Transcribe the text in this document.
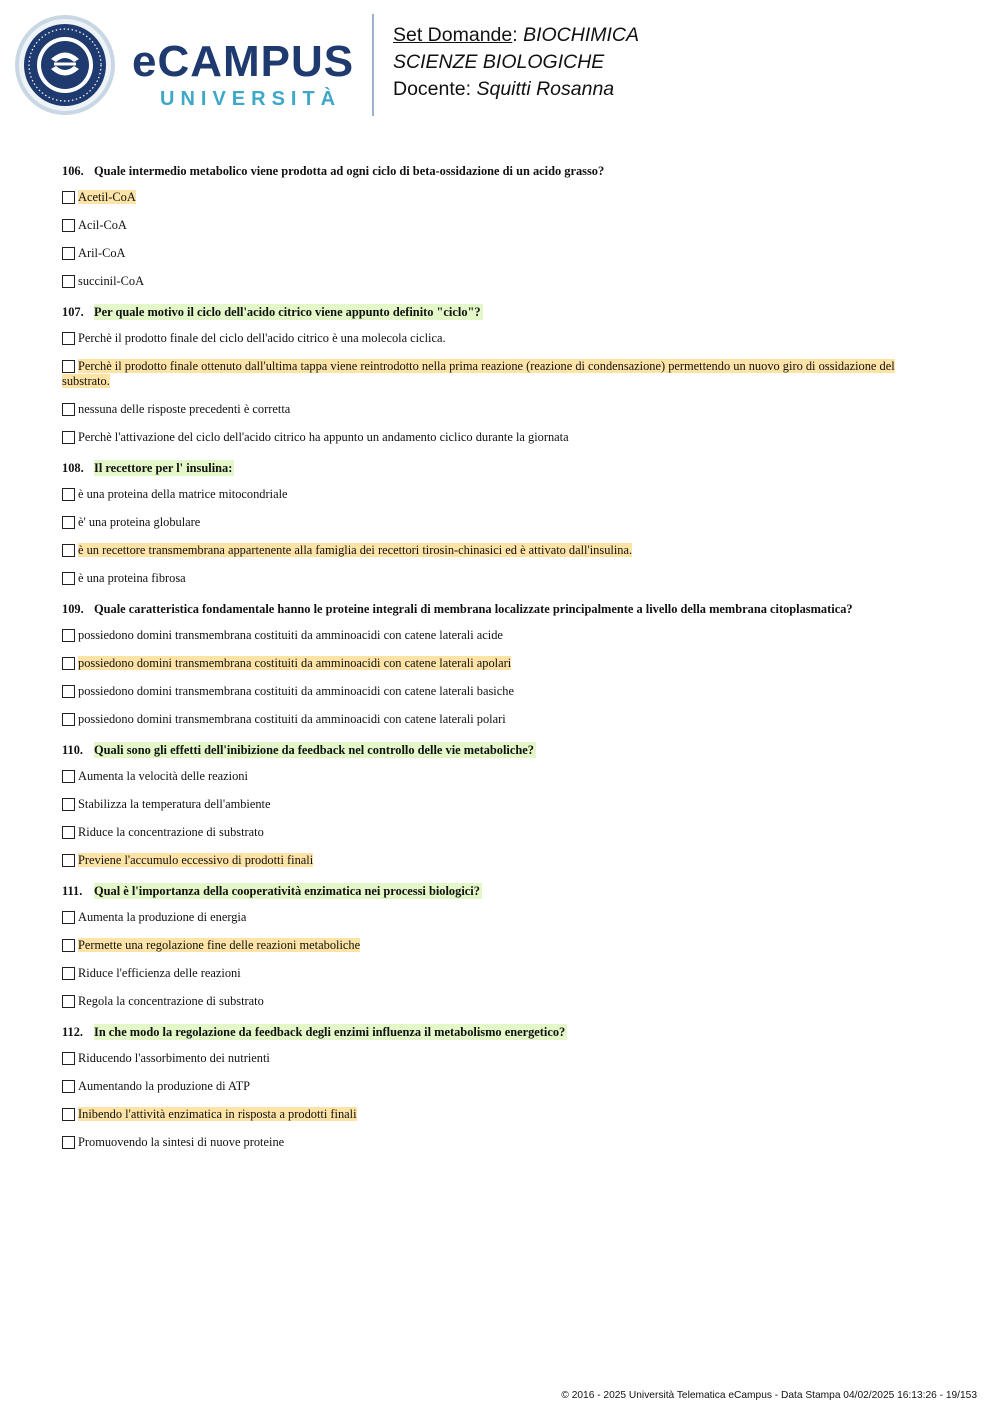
eCAMPUS
UNIVERSITÀ
Set Domande: BIOCHIMICA
SCIENZE BIOLOGICHE
Docente: Squitti Rosanna
106. Quale intermedio metabolico viene prodotta ad ogni ciclo di beta-ossidazione di un acido grasso?
Acetil-CoA
Acil-CoA
Aril-CoA
succinil-CoA
107. Per quale motivo il ciclo dell'acido citrico viene appunto definito "ciclo"?
Perchè il prodotto finale del ciclo dell'acido citrico è una molecola ciclica.
Perchè il prodotto finale ottenuto dall'ultima tappa viene reintrodotto nella prima reazione (reazione di condensazione) permettendo un nuovo giro di ossidazione del substrato.
nessuna delle risposte precedenti è corretta
Perchè l'attivazione del ciclo dell'acido citrico ha appunto un andamento ciclico durante la giornata
108. Il recettore per l' insulina:
è una proteina della matrice mitocondriale
è' una proteina globulare
è un recettore transmembrana appartenente alla famiglia dei recettori tirosin-chinasici ed è attivato dall'insulina.
è una proteina fibrosa
109. Quale caratteristica fondamentale hanno le proteine integrali di membrana localizzate principalmente a livello della membrana citoplasmatica?
possiedono domini transmembrana costituiti da amminoacidi con catene laterali acide
possiedono domini transmembrana costituiti da amminoacidi con catene laterali apolari
possiedono domini transmembrana costituiti da amminoacidi con catene laterali basiche
possiedono domini transmembrana costituiti da amminoacidi con catene laterali polari
110. Quali sono gli effetti dell'inibizione da feedback nel controllo delle vie metaboliche?
Aumenta la velocità delle reazioni
Stabilizza la temperatura dell'ambiente
Riduce la concentrazione di substrato
Previene l'accumulo eccessivo di prodotti finali
111. Qual è l'importanza della cooperatività enzimatica nei processi biologici?
Aumenta la produzione di energia
Permette una regolazione fine delle reazioni metaboliche
Riduce l'efficienza delle reazioni
Regola la concentrazione di substrato
112. In che modo la regolazione da feedback degli enzimi influenza il metabolismo energetico?
Riducendo l'assorbimento dei nutrienti
Aumentando la produzione di ATP
Inibendo l'attività enzimatica in risposta a prodotti finali
Promuovendo la sintesi di nuove proteine
© 2016 - 2025 Università Telematica eCampus - Data Stampa 04/02/2025 16:13:26 - 19/153
